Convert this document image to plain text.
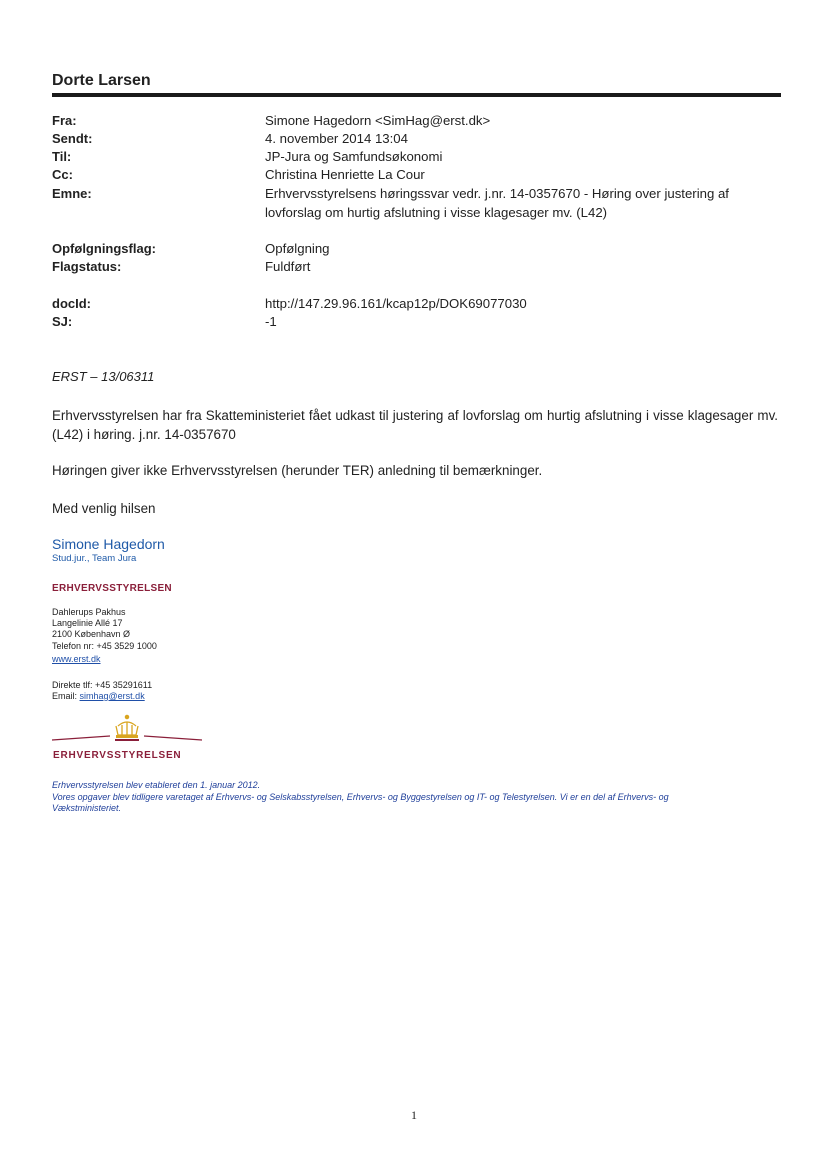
Dorte Larsen
Fra:	Simone Hagedorn <SimHag@erst.dk>
Sendt:	4. november 2014 13:04
Til:	JP-Jura og Samfundsøkonomi
Cc:	Christina Henriette La Cour
Emne:	Erhvervsstyrelsens høringssvar vedr. j.nr. 14-0357670 - Høring over justering af
lovforslag om hurtig afslutning i visse klagesager mv. (L42)
Opfølgningsflag:	Opfølgning
Flagstatus:	Fuldført
docId:	http://147.29.96.161/kcap12p/DOK69077030
SJ:	-1
ERST – 13/06311
Erhvervsstyrelsen har fra Skatteministeriet fået udkast til justering af lovforslag om hurtig afslutning i visse klagesager mv. (L42) i høring. j.nr. 14-0357670
Høringen giver ikke Erhvervsstyrelsen (herunder TER) anledning til bemærkninger.
Med venlig hilsen
Simone Hagedorn
Stud.jur., Team Jura
ERHVERVSSTYRELSEN
Dahlerups Pakhus
Langelinie Allé 17
2100 København Ø
Telefon nr: +45 3529 1000
www.erst.dk
Direkte tlf: +45 35291611
Email: simhag@erst.dk
ERHVERVSSTYRELSEN
Erhvervsstyrelsen blev etableret den 1. januar 2012.
Vores opgaver blev tidligere varetaget af Erhvervs- og Selskabsstyrelsen, Erhvervs- og Byggestyrelsen og IT- og Telestyrelsen. Vi er en del af Erhvervs- og
Vækstministeriet.
1
